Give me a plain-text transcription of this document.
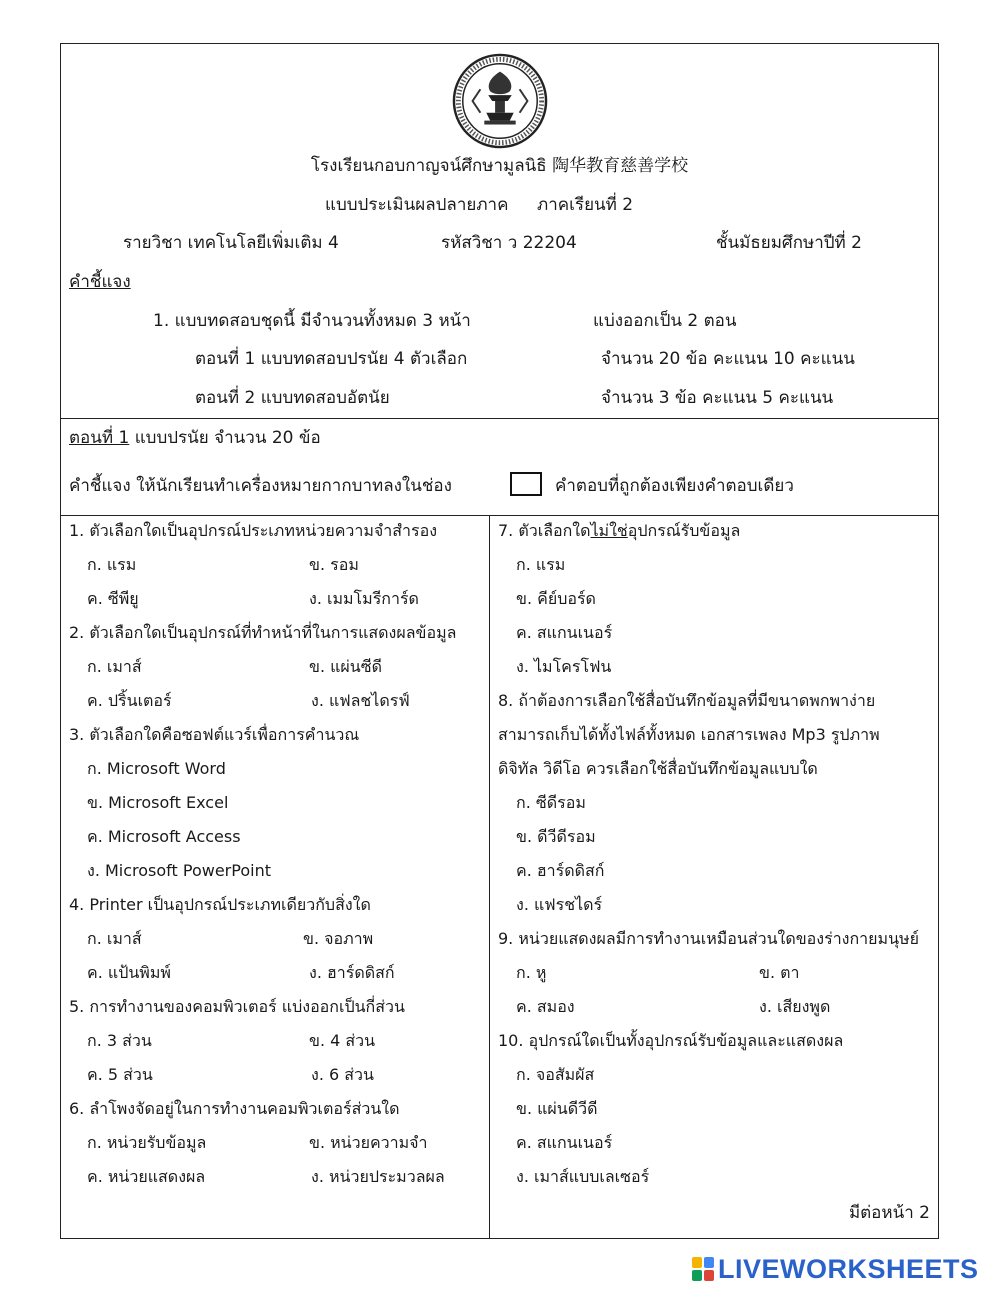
โรงเรียนกอบกาญจน์ศึกษามูลนิธิ 陶华教育慈善学校
แบบประเมินผลปลายภาค ภาคเรียนที่ 2
รายวิชา เทคโนโลยีเพิ่มเติม 4	รหัสวิชา ว 22204	ชั้นมัธยมศึกษาปีที่ 2
คำชี้แจง
1. แบบทดสอบชุดนี้ มีจำนวนทั้งหมด 3 หน้า	แบ่งออกเป็น 2 ตอน
ตอนที่ 1 แบบทดสอบปรนัย 4 ตัวเลือก	จำนวน 20 ข้อ คะแนน 10 คะแนน
ตอนที่ 2 แบบทดสอบอัตนัย	จำนวน 3 ข้อ คะแนน 5 คะแนน
ตอนที่ 1 แบบปรนัย จำนวน 20 ข้อ
คำชี้แจง ให้นักเรียนทำเครื่องหมายกากบาทลงในช่อง	คำตอบที่ถูกต้องเพียงคำตอบเดียว
1. ตัวเลือกใดเป็นอุปกรณ์ประเภทหน่วยความจำสำรอง
ก. แรม	ข. รอม
ค. ซีพียู	ง. เมมโมรีการ์ด
2. ตัวเลือกใดเป็นอุปกรณ์ที่ทำหน้าที่ในการแสดงผลข้อมูล
ก. เมาส์	ข. แผ่นซีดี
ค. ปริ้นเตอร์	ง. แฟลชไดรฟ์
3. ตัวเลือกใดคือซอฟต์แวร์เพื่อการคำนวณ
ก. Microsoft Word
ข. Microsoft Excel
ค. Microsoft Access
ง. Microsoft PowerPoint
4. Printer เป็นอุปกรณ์ประเภทเดียวกับสิ่งใด
ก. เมาส์	ข. จอภาพ
ค. แป้นพิมพ์	ง. ฮาร์ดดิสก์
5. การทำงานของคอมพิวเตอร์ แบ่งออกเป็นกี่ส่วน
ก. 3 ส่วน	ข. 4 ส่วน
ค. 5 ส่วน	ง. 6 ส่วน
6. ลำโพงจัดอยู่ในการทำงานคอมพิวเตอร์ส่วนใด
ก. หน่วยรับข้อมูล	ข. หน่วยความจำ
ค. หน่วยแสดงผล	ง. หน่วยประมวลผล
7. ตัวเลือกใดไม่ใช่อุปกรณ์รับข้อมูล
ก. แรม
ข. คีย์บอร์ด
ค. สแกนเนอร์
ง. ไมโครโฟน
8. ถ้าต้องการเลือกใช้สื่อบันทึกข้อมูลที่มีขนาดพกพาง่าย
สามารถเก็บได้ทั้งไฟล์ทั้งหมด เอกสารเพลง Mp3 รูปภาพ
ดิจิทัล วิดีโอ ควรเลือกใช้สื่อบันทึกข้อมูลแบบใด
ก. ซีดีรอม
ข. ดีวีดีรอม
ค. ฮาร์ดดิสก์
ง. แฟรชไดร์
9. หน่วยแสดงผลมีการทำงานเหมือนส่วนใดของร่างกายมนุษย์
ก. หู	ข. ตา
ค. สมอง	ง. เสียงพูด
10. อุปกรณ์ใดเป็นทั้งอุปกรณ์รับข้อมูลและแสดงผล
ก. จอสัมผัส
ข. แผ่นดีวีดี
ค. สแกนเนอร์
ง. เมาส์แบบเลเซอร์
มีต่อหน้า 2
LIVEWORKSHEETS
